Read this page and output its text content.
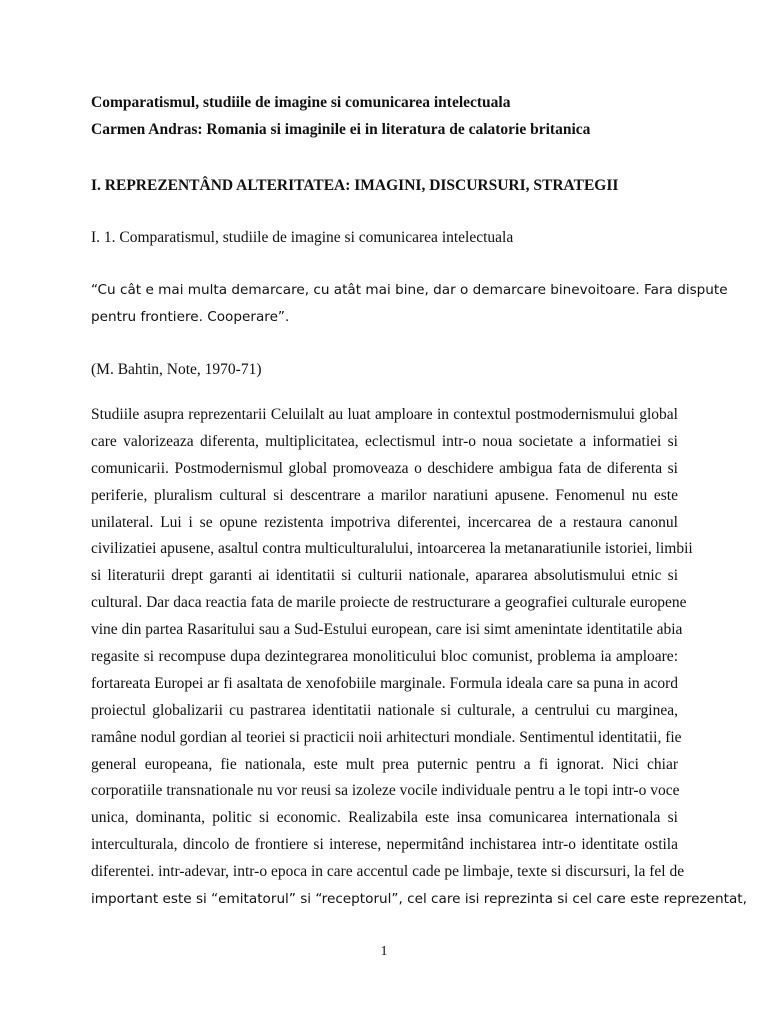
Comparatismul, studiile de imagine si comunicarea intelectuala
Carmen Andras: Romania si imaginile ei in literatura de calatorie britanica
I. REPREZENTÂND ALTERITATEA: IMAGINI, DISCURSURI, STRATEGII
I. 1. Comparatismul, studiile de imagine si comunicarea intelectuala
“Cu cât e mai multa demarcare, cu atât mai bine, dar o demarcare binevoitoare. Fara dispute
pentru frontiere. Cooperare”.
(M. Bahtin, Note, 1970-71)
Studiile asupra reprezentarii Celuilalt au luat amploare in contextul postmodernismului global
care valorizeaza diferenta, multiplicitatea, eclectismul intr-o noua societate a informatiei si
comunicarii. Postmodernismul global promoveaza o deschidere ambigua fata de diferenta si
periferie, pluralism cultural si descentrare a marilor naratiuni apusene. Fenomenul nu este
unilateral. Lui i se opune rezistenta impotriva diferentei, incercarea de a restaura canonul
civilizatiei apusene, asaltul contra multiculturalului, intoarcerea la metanaratiunile istoriei, limbii
si literaturii drept garanti ai identitatii si culturii nationale, apararea absolutismului etnic si
cultural. Dar daca reactia fata de marile proiecte de restructurare a geografiei culturale europene
vine din partea Rasaritului sau a Sud-Estului european, care isi simt amenintate identitatile abia
regasite si recompuse dupa dezintegrarea monoliticului bloc comunist, problema ia amploare:
fortareata Europei ar fi asaltata de xenofobiile marginale. Formula ideala care sa puna in acord
proiectul globalizarii cu pastrarea identitatii nationale si culturale, a centrului cu marginea,
ramâne nodul gordian al teoriei si practicii noii arhitecturi mondiale. Sentimentul identitatii, fie
general europeana, fie nationala, este mult prea puternic pentru a fi ignorat. Nici chiar
corporatiile transnationale nu vor reusi sa izoleze vocile individuale pentru a le topi intr-o voce
unica, dominanta, politic si economic. Realizabila este insa comunicarea internationala si
interculturala, dincolo de frontiere si interese, nepermitând inchistarea intr-o identitate ostila
diferentei. intr-adevar, intr-o epoca in care accentul cade pe limbaje, texte si discursuri, la fel de
important este si “emitatorul” si “receptorul”, cel care isi reprezinta si cel care este reprezentat,
1
